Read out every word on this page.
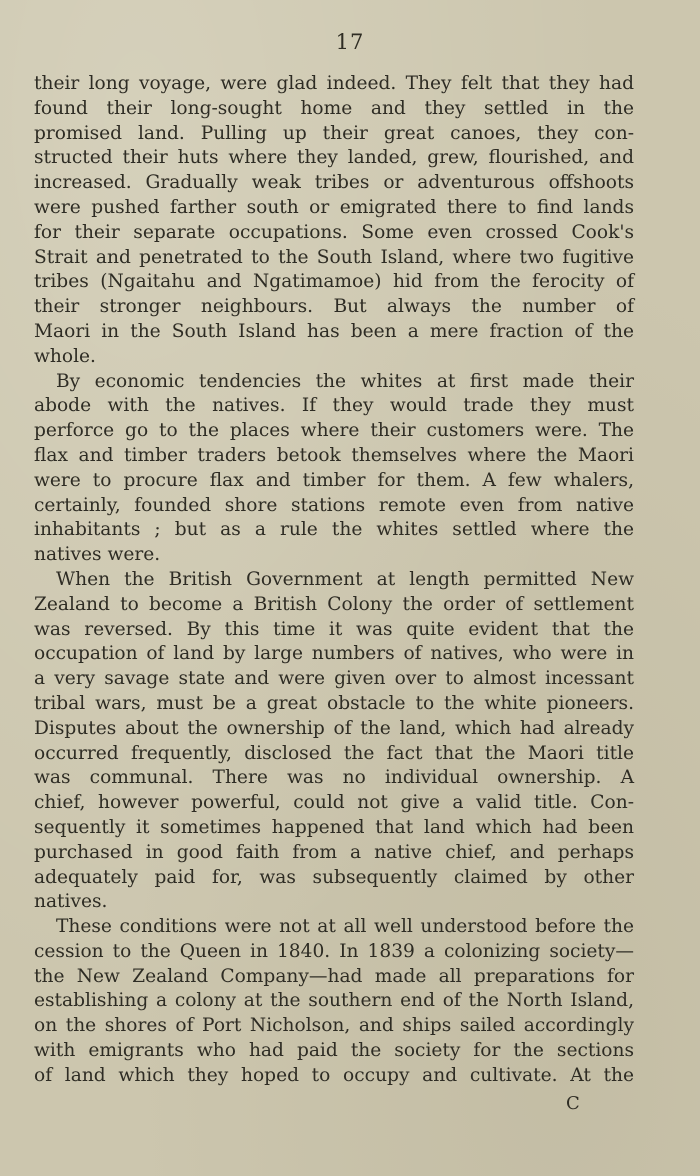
17
their long voyage, were glad indeed. They felt that they had
found their long-sought home and they settled in the
promised land. Pulling up their great canoes, they con-
structed their huts where they landed, grew, flourished, and
increased. Gradually weak tribes or adventurous offshoots
were pushed farther south or emigrated there to find lands
for their separate occupations. Some even crossed Cook's
Strait and penetrated to the South Island, where two fugitive
tribes (Ngaitahu and Ngatimamoe) hid from the ferocity of
their stronger neighbours. But always the number of
Maori in the South Island has been a mere fraction of the
whole.
By economic tendencies the whites at first made their
abode with the natives. If they would trade they must
perforce go to the places where their customers were. The
flax and timber traders betook themselves where the Maori
were to procure flax and timber for them. A few whalers,
certainly, founded shore stations remote even from native
inhabitants ; but as a rule the whites settled where the
natives were.
When the British Government at length permitted New
Zealand to become a British Colony the order of settlement
was reversed. By this time it was quite evident that the
occupation of land by large numbers of natives, who were in
a very savage state and were given over to almost incessant
tribal wars, must be a great obstacle to the white pioneers.
Disputes about the ownership of the land, which had already
occurred frequently, disclosed the fact that the Maori title
was communal. There was no individual ownership. A
chief, however powerful, could not give a valid title. Con-
sequently it sometimes happened that land which had been
purchased in good faith from a native chief, and perhaps
adequately paid for, was subsequently claimed by other
natives.
These conditions were not at all well understood before the
cession to the Queen in 1840. In 1839 a colonizing society—
the New Zealand Company—had made all preparations for
establishing a colony at the southern end of the North Island,
on the shores of Port Nicholson, and ships sailed accordingly
with emigrants who had paid the society for the sections
of land which they hoped to occupy and cultivate. At the
C
